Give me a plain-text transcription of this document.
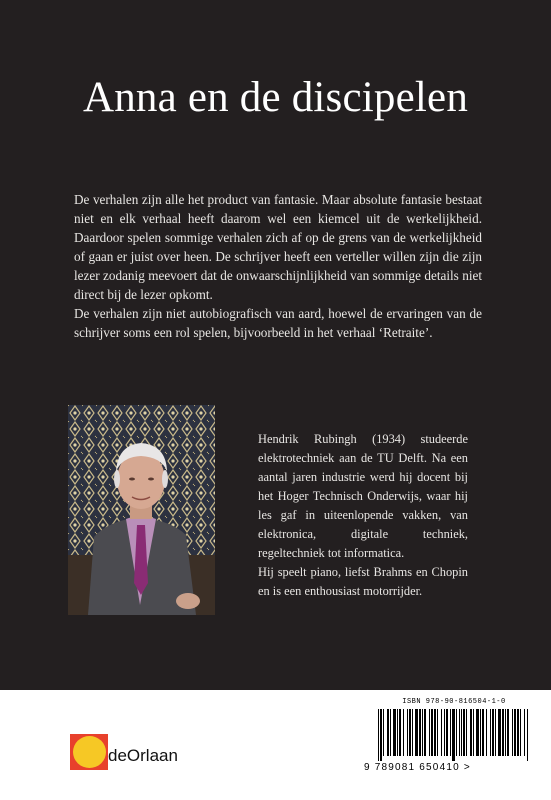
Anna en de discipelen

De verhalen zijn alle het product van fantasie. Maar absolute fantasie bestaat niet en elk verhaal heeft daarom wel een kiemcel uit de werkelijkheid. Daardoor spelen sommige verhalen zich af op de grens van de werkelijkheid of gaan er juist over heen. De schrijver heeft een verteller willen zijn die zijn lezer zodanig meevoert dat de onwaarschijnlijkheid van sommige details niet direct bij de lezer opkomt.

De verhalen zijn niet autobiografisch van aard, hoewel de ervaringen van de schrijver soms een rol spelen, bijvoorbeeld in het verhaal ‘Retraite’.

Hendrik Rubingh (1934) studeerde elektrotechniek aan de TU Delft. Na een aantal jaren industrie werd hij docent bij het Hoger Technisch Onderwijs, waar hij les gaf in uiteenlopende vakken, van elektronica, digitale techniek, regeltechniek tot informatica.

Hij speelt piano, liefst Brahms en Chopin en is een enthousiast motorrijder.

deOrlaan
ISBN 978-90-816504-1-0
9 789081 650410 >
